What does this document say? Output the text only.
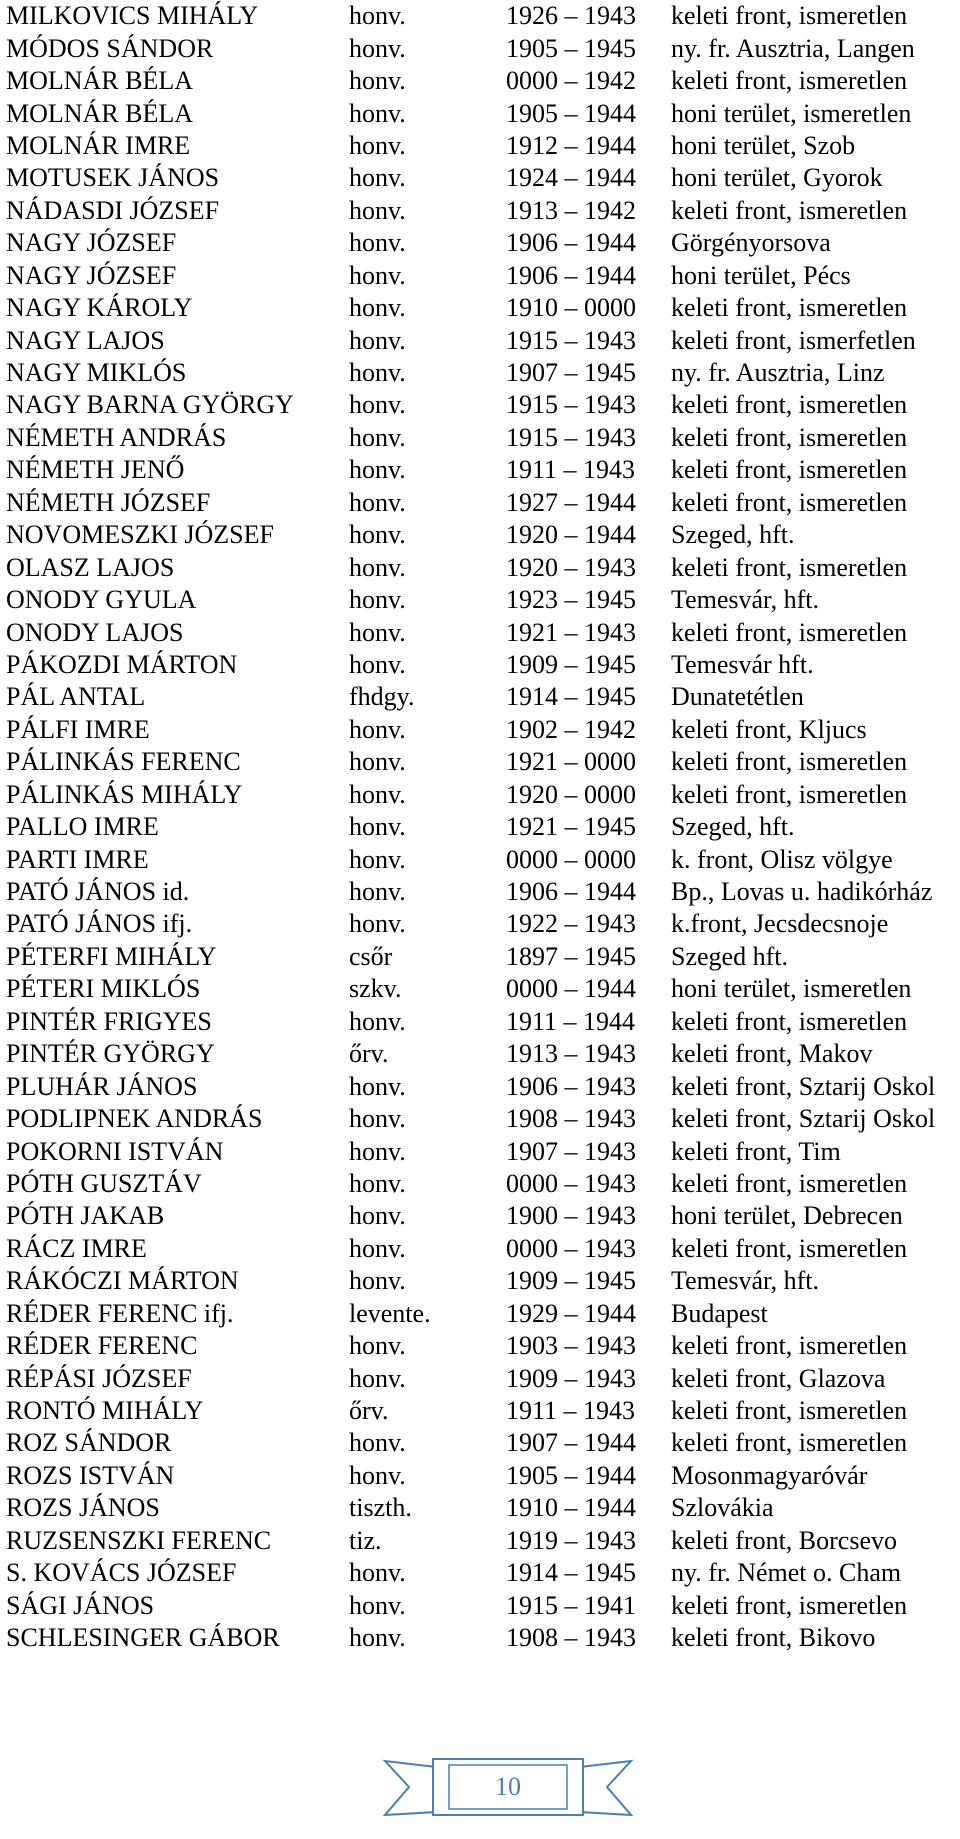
MILKOVICS MIHÁLY	honv.	1926 – 1943	keleti front, ismeretlen
MÓDOS SÁNDOR	honv.	1905 – 1945	ny. fr. Ausztria, Langen
MOLNÁR BÉLA	honv.	0000 – 1942	keleti front, ismeretlen
MOLNÁR BÉLA	honv.	1905 – 1944	honi terület, ismeretlen
MOLNÁR IMRE	honv.	1912 – 1944	honi terület, Szob
MOTUSEK JÁNOS	honv.	1924 – 1944	honi terület, Gyorok
NÁDASDI JÓZSEF	honv.	1913 – 1942	keleti front, ismeretlen
NAGY JÓZSEF	honv.	1906 – 1944	Görgényorsova
NAGY JÓZSEF	honv.	1906 – 1944	honi terület, Pécs
NAGY KÁROLY	honv.	1910 – 0000	keleti front, ismeretlen
NAGY LAJOS	honv.	1915 – 1943	keleti front, ismerfetlen
NAGY MIKLÓS	honv.	1907 – 1945	ny. fr. Ausztria, Linz
NAGY BARNA GYÖRGY	honv.	1915 – 1943	keleti front, ismeretlen
NÉMETH ANDRÁS	honv.	1915 – 1943	keleti front, ismeretlen
NÉMETH JENŐ	honv.	1911 – 1943	keleti front, ismeretlen
NÉMETH JÓZSEF	honv.	1927 – 1944	keleti front, ismeretlen
NOVOMESZKI JÓZSEF	honv.	1920 – 1944	Szeged, hft.
OLASZ LAJOS	honv.	1920 – 1943	keleti front, ismeretlen
ONODY GYULA	honv.	1923 – 1945	Temesvár, hft.
ONODY LAJOS	honv.	1921 – 1943	keleti front, ismeretlen
PÁKOZDI MÁRTON	honv.	1909 – 1945	Temesvár hft.
PÁL ANTAL	fhdgy.	1914 – 1945	Dunatetétlen
PÁLFI IMRE	honv.	1902 – 1942	keleti front, Kljucs
PÁLINKÁS FERENC	honv.	1921 – 0000	keleti front, ismeretlen
PÁLINKÁS MIHÁLY	honv.	1920 – 0000	keleti front, ismeretlen
PALLO IMRE	honv.	1921 – 1945	Szeged, hft.
PARTI IMRE	honv.	0000 – 0000	k. front, Olisz völgye
PATÓ JÁNOS id.	honv.	1906 – 1944	Bp., Lovas u. hadikórház
PATÓ JÁNOS ifj.	honv.	1922 – 1943	k.front, Jecsdecsnoje
PÉTERFI MIHÁLY	csőr	1897 – 1945	Szeged hft.
PÉTERI MIKLÓS	szkv.	0000 – 1944	honi terület, ismeretlen
PINTÉR FRIGYES	honv.	1911 – 1944	keleti front, ismeretlen
PINTÉR GYÖRGY	őrv.	1913 – 1943	keleti front, Makov
PLUHÁR JÁNOS	honv.	1906 – 1943	keleti front, Sztarij Oskol
PODLIPNEK ANDRÁS	honv.	1908 – 1943	keleti front, Sztarij Oskol
POKORNI ISTVÁN	honv.	1907 – 1943	keleti front, Tim
PÓTH GUSZTÁV	honv.	0000 – 1943	keleti front, ismeretlen
PÓTH JAKAB	honv.	1900 – 1943	honi terület, Debrecen
RÁCZ IMRE	honv.	0000 – 1943	keleti front, ismeretlen
RÁKÓCZI MÁRTON	honv.	1909 – 1945	Temesvár, hft.
RÉDER FERENC ifj.	levente.	1929 – 1944	Budapest
RÉDER FERENC	honv.	1903 – 1943	keleti front, ismeretlen
RÉPÁSI JÓZSEF	honv.	1909 – 1943	keleti front, Glazova
RONTÓ MIHÁLY	őrv.	1911 – 1943	keleti front, ismeretlen
ROZ SÁNDOR	honv.	1907 – 1944	keleti front, ismeretlen
ROZS ISTVÁN	honv.	1905 – 1944	Mosonmagyaróvár
ROZS JÁNOS	tiszth.	1910 – 1944	Szlovákia
RUZSENSZKI FERENC	tiz.	1919 – 1943	keleti front, Borcsevo
S. KOVÁCS JÓZSEF	honv.	1914 – 1945	ny. fr. Német o. Cham
SÁGI JÁNOS	honv.	1915 – 1941	keleti front, ismeretlen
SCHLESINGER GÁBOR	honv.	1908 – 1943	keleti front, Bikovo
10
